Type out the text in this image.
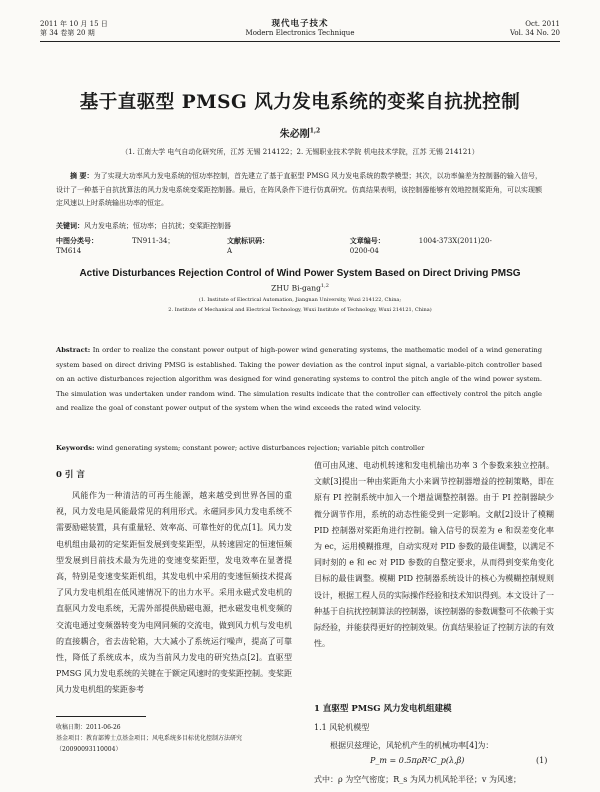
2011 年 10 月 15 日
第 34 卷第 20 期
现代电子技术
Modern Electronics Technique
Oct. 2011
Vol. 34 No. 20
基于直驱型 PMSG 风力发电系统的变桨自抗扰控制
朱必刚$^{1,2}$
（1. 江南大学 电气自动化研究所，江苏 无锡 214122；2. 无锡职业技术学院 机电技术学院，江苏 无锡 214121）
摘 要：为了实现大功率风力发电系统的恒功率控制，首先建立了基于直驱型 PMSG 风力发电系统的数学模型；其次，以功率偏差为控制器的输入信号，设计了一种基于自抗扰算法的风力发电系统变桨距控制器。最后，在阵风条件下进行仿真研究。仿真结果表明，该控制器能够有效地控制桨距角，可以实现额定风速以上时系统输出功率的恒定。
关键词：风力发电系统；恒功率；自抗扰；变桨距控制器
中图分类号：	TN911-34；TM614
文献标识码：A
文章编号：	1004-373X(2011)20-0200-04
Active Disturbances Rejection Control of Wind Power System Based on Direct Driving PMSG
ZHU Bi-gang$^{1,2}$
(1. Institute of Electrical Automation, Jiangnan University, Wuxi 214122, China;
2. Institute of Mechanical and Electrical Technology, Wuxi Institute of Technology, Wuxi 214121, China)
Abstract: In order to realize the constant power output of high-power wind generating systems, the mathematic model of a wind generating system based on direct driving PMSG is established. Taking the power deviation as the control input signal, a variable-pitch controller based on an active disturbances rejection algorithm was designed for wind generating systems to control the pitch angle of the wind power system. The simulation was undertaken under random wind. The simulation results indicate that the controller can effectively control the pitch angle and realize the goal of constant power output of the system when the wind exceeds the rated wind velocity.
Keywords: wind generating system; constant power; active disturbances rejection; variable pitch controller
0 引 言
风能作为一种清洁的可再生能源，越来越受到世界各国的重视，风力发电是风能最常见的利用形式。永磁同步风力发电系统不需要励磁装置，具有重量轻、效率高、可靠性好的优点[1]。风力发电机组由最初的定桨距恒发展到变桨距型，从转速固定的恒速恒频型发展到目前技术最为先进的变速变桨距型，发电效率在显著提高，特别是变速变桨距机组，其发电机中采用的变速恒频技术提高了风力发电机组在低风速情况下的出力水平。采用永磁式发电机的直驱风力发电系统，无需外部提供励磁电源，把永磁发电机变频的交流电通过变频器转变为电网同频的交流电，做到风力机与发电机的直接耦合，省去齿轮箱，大大减小了系统运行噪声，提高了可靠性，降低了系统成本，成为当前风力发电的研究热点[2]。直驱型 PMSG 风力发电系统的关键在于额定风速时的变桨距控制。变桨距风力发电机组的桨距参考
收稿日期：2011-06-26
基金项目：教育部博士点基金项目；风电系统多目标优化控制方法研究（20090093110004）
值可由风速、电动机转速和发电机输出功率 3 个参数来独立控制。文献[3]提出一种由桨距角大小来调节控制器增益的控制策略，即在原有 PI 控制系统中加入一个增益调整控制器。由于 PI 控制器缺少微分调节作用，系统的动态性能受到一定影响。文献[2]设计了模糊 PID 控制器对桨距角进行控制。输入信号的误差为 e 和误差变化率为 ec，运用模糊推理，自动实现对 PID 参数的最佳调整，以满足不同时刻的 e 和 ec 对 PID 参数的自整定要求，从而得到变桨角变化目标的最佳调整。模糊 PID 控制器系统设计的核心为模糊控制规则设计，根据工程人员的实际操作经验和技术知识得到。本文设计了一种基于自抗扰控制算法的控制器，该控制器的参数调整可不依赖于实际经验，并能获得更好的控制效果。仿真结果验证了控制方法的有效性。
1 直驱型 PMSG 风力发电机组建模
1.1 风轮机模型
根据贝兹理论，风轮机产生的机械功率[4]为：
P_m = 0.5πρR²C_p(λ,β)	(1)
式中：ρ 为空气密度；R_s 为风力机风轮半径；v 为风速；
